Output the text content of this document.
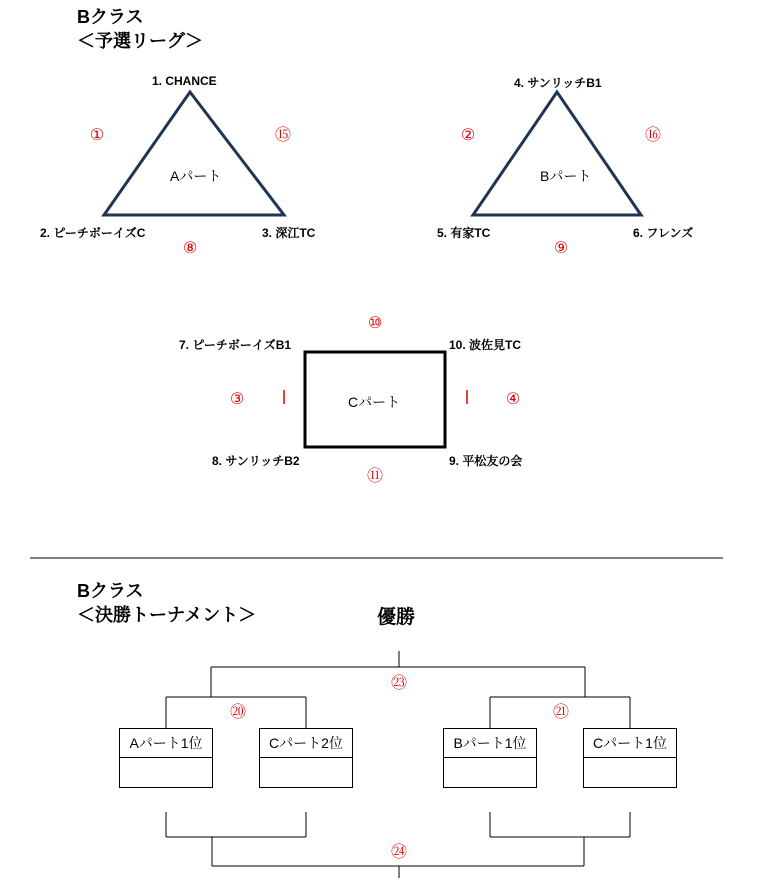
Bクラス
＜予選リーグ＞
1. CHANCE
2. ピーチボーイズC	3. 深江TC
Aパート
①	⑮
⑧
4. サンリッチB1
5. 有家TC	6. フレンズ
Bパート
②	⑯
⑨
⑩
7. ピーチボーイズB1	10. 波佐見TC
③	④
Cパート
8. サンリッチB2	9. 平松友の会
⑪
Bクラス
＜決勝トーナメント＞	優勝
㉓
⑳	㉑
㉔
Aパート1位	Cパート2位	Bパート1位	Cパート1位
